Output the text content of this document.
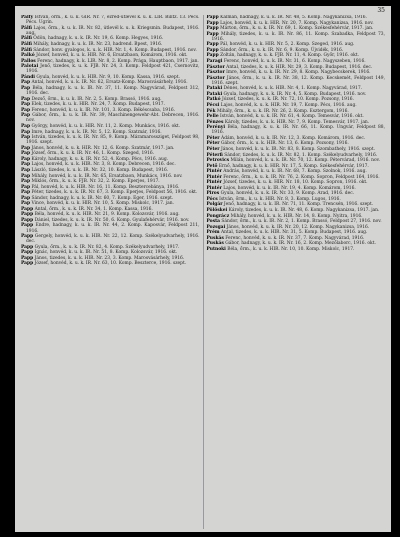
35

Pálfy István, őrm., k. u. k. GIR. Nr. 7, ezred-útlevél k. u. k. LIR. Bilitz. 13. Pécs. Pécs. Ugrin.

Pálfi Lajos, őrm., k. u. k. IR. Nr. 82, útlevél k. u. k. Kriegsmin. Budapest, 1916. aug.

Pálfi Ödön, hadnagy, k. u. k. IR. Nr. 19, 6. Komp. Hegyes, 1916.

Pálfi Mihály, hadnagy, k. u. k. IR. Nr. 23, hadrend. Bpest, 1916.

Pálfi Sándor, honv. gyalogos, k. u. k. HIR. Nr. 1, 4. Komp. Budapest, 1916. nov.

Palkó József, honvéd, k. u. k. HIR. Nr. 6, Ersatzbaon, Komárom, 1916. okt.

Pallos Ferenc, hadnagy, k. k. LIR. Nr. 8, 2. Komp. Prága, Hauptbaon, 1917. jan.

Palotai Jenő, tizedes, k. u. k. FJB. Nr. 24, 3. Komp. Feldpost 421, Csernovitz, 1916.

Pándi Gyula, honvéd, k. u. k. HIR. Nr. 9, 10. Komp. Kassa, 1916. szept.

Pap Antal, honvéd, k. u. k. IR. Nr. 62, Ersatz-Komp. Marosvásárhely, 1916.

Pap Béla, hadnagy, k. u. k. IR. Nr. 37, 11. Komp. Nagyvárad, Feldpost 312, 1916. dec.

Pap Dezső, őrm., k. u. k. IR. Nr. 2, 5. Komp. Brassó, 1916. aug.

Pap Elek, tizedes, k. u. k. HIR. Nr. 24, 7. Komp. Budapest, 1917.

Pap Ferenc, honvéd, k. u. k. IR. Nr. 101, 3. Komp. Békéscsaba, 1916.

Pap Gábor, őrm., k. u. k. IR. Nr. 39, Maschinengewehr-Abt. Debrecen, 1916. nov.

Pap György, honvéd, k. u. k. HIR. Nr. 11, 2. Komp. Munkács, 1916. okt.

Pap Imre, hadnagy, k. u. k. IR. Nr. 5, 12. Komp. Szatmár, 1916.

Pap István, tizedes, k. u. k. IR. Nr. 85, 9. Komp. Máramarossziget, Feldpost 98, 1916. szept.

Pap János, honvéd, k. u. k. HIR. Nr. 12, 6. Komp. Szatmár, 1917. jan.

Pap József, őrm., k. u. k. IR. Nr. 46, 1. Komp. Szeged, 1916.

Pap Károly, hadnagy, k. u. k. IR. Nr. 52, 4. Komp. Pécs, 1916. aug.

Pap Lajos, honvéd, k. u. k. HIR. Nr. 3, 8. Komp. Debrecen, 1916. dec.

Pap László, tizedes, k. u. k. IR. Nr. 32, 10. Komp. Budapest, 1916.

Pap Mihály, honvéd, k. u. k. IR. Nr. 65, Ersatzbaon, Munkács, 1916. nov.

Pap Miklós, őrm., k. u. k. FJB. Nr. 32, 2. Komp. Eperjes, 1917.

Pap Pál, honvéd, k. u. k. HIR. Nr. 16, 11. Komp. Besztercebánya, 1916.

Pap Péter, tizedes, k. u. k. IR. Nr. 67, 3. Komp. Eperjes, Feldpost 56, 1916. okt.

Pap Sándor, hadnagy, k. u. k. IR. Nr. 60, 7. Komp. Eger, 1916. szept.

Pap Vince, honvéd, k. u. k. HIR. Nr. 10, 5. Komp. Miskolc, 1917. jan.

Papp Antal, őrm., k. u. k. IR. Nr. 34, 1. Komp. Kassa, 1916.

Papp Béla, honvéd, k. u. k. HIR. Nr. 21, 9. Komp. Kolozsvár, 1916. aug.

Papp Dániel, tizedes, k. u. k. IR. Nr. 50, 6. Komp. Gyulafehérvár, 1916. nov.

Papp Endre, hadnagy, k. u. k. IR. Nr. 44, 2. Komp. Kaposvár, Feldpost 211, 1916.

Papp Gergely, honvéd, k. u. k. HIR. Nr. 22, 12. Komp. Székelyudvarhely, 1916. dec.

Papp Gyula, őrm., k. u. k. IR. Nr. 82, 4. Komp. Székelyudvarhely, 1917.

Papp Ignác, honvéd, k. u. k. IR. Nr. 51, 8. Komp. Kolozsvár, 1916. okt.

Papp János, tizedes, k. u. k. HIR. Nr. 23, 3. Komp. Marosvásárhely, 1916.

Papp József, honvéd, k. u. k. IR. Nr. 63, 10. Komp. Beszterce, 1916. szept.

Papp Kálmán, hadnagy, k. u. k. IR. Nr. 48, 5. Komp. Nagykanizsa, 1916.

Papp Lajos, honvéd, k. u. k. HIR. Nr. 20, 7. Komp. Nagykanizsa, 1916. nov.

Papp Márton, őrm., k. u. k. IR. Nr. 69, 1. Komp. Székesfehérvár, 1917. jan.

Papp Mihály, tizedes, k. u. k. IR. Nr. 86, 11. Komp. Szabadka, Feldpost 73, 1916.

Papp Pál, honvéd, k. u. k. HIR. Nr. 5, 2. Komp. Szeged, 1916. aug.

Papp Sándor, őrm., k. u. k. IR. Nr. 6, 9. Komp. Újvidék, 1916.

Papp Zoltán, hadnagy, k. u. k. FJB. Nr. 11, 4. Komp. Győr, 1916. okt.

Paragi Ferenc, honvéd, k. u. k. IR. Nr. 31, 6. Komp. Nagyszeben, 1916.

Pásztor Antal, tizedes, k. u. k. HIR. Nr. 29, 3. Komp. Budapest, 1916. dec.

Pásztor Imre, honvéd, k. u. k. IR. Nr. 29, 8. Komp. Nagybecskerek, 1916.

Pásztor János, őrm., k. u. k. IR. Nr. 38, 12. Komp. Kecskemét, Feldpost 149, 1916. szept.

Pataki Dénes, honvéd, k. u. k. HIR. Nr. 4, 1. Komp. Nagyvárad, 1917.

Pataki Gyula, hadnagy, k. u. k. IR. Nr. 4, 5. Komp. Budapest, 1916. nov.

Patkó József, tizedes, k. u. k. IR. Nr. 72, 10. Komp. Pozsony, 1916.

Pécsi Lajos, honvéd, k. u. k. HIR. Nr. 19, 7. Komp. Pécs, 1916. aug.

Pék Mihály, őrm., k. u. k. IR. Nr. 26, 2. Komp. Esztergom, 1916.

Pelle István, honvéd, k. u. k. IR. Nr. 61, 4. Komp. Temesvár, 1916. okt.

Pénzes Károly, tizedes, k. u. k. HIR. Nr. 7, 9. Komp. Temesvár, 1917. jan.

Perényi Béla, hadnagy, k. u. k. IR. Nr. 66, 11. Komp. Ungvár, Feldpost 88, 1916.

Péter Ádám, honvéd, k. u. k. IR. Nr. 12, 3. Komp. Komárom, 1916. dec.

Péter Gábor, őrm., k. u. k. HIR. Nr. 13, 6. Komp. Pozsony, 1916.

Péter János, honvéd, k. u. k. IR. Nr. 83, 8. Komp. Szombathely, 1916. szept.

Péterfi Sándor, tizedes, k. u. k. IR. Nr. 82, 1. Komp. Székelyudvarhely, 1916.

Petrovics Milán, honvéd, k. u. k. IR. Nr. 70, 12. Komp. Pétervárad, 1916. nov.

Pető Ernő, hadnagy, k. u. k. HIR. Nr. 17, 5. Komp. Székesfehérvár, 1917.

Pintér András, honvéd, k. u. k. IR. Nr. 68, 7. Komp. Szolnok, 1916. aug.

Pintér Ferenc, őrm., k. u. k. IR. Nr. 76, 2. Komp. Sopron, Feldpost 164, 1916.

Pintér József, tizedes, k. u. k. HIR. Nr. 18, 10. Komp. Sopron, 1916. okt.

Pintér Lajos, honvéd, k. u. k. IR. Nr. 19, 4. Komp. Komárom, 1916.

Piros Gyula, honvéd, k. u. k. IR. Nr. 33, 9. Komp. Arad, 1916. dec.

Pócs István, őrm., k. u. k. HIR. Nr. 8, 3. Komp. Lugos, 1916.

Polgár Jenő, hadnagy, k. u. k. IR. Nr. 71, 11. Komp. Trencsén, 1916. szept.

Pölöskei Károly, tizedes, k. u. k. IR. Nr. 48, 6. Komp. Nagykanizsa, 1917. jan.

Pongrácz Mihály, honvéd, k. u. k. HIR. Nr. 14, 8. Komp. Nyitra, 1916.

Posta Sándor, őrm., k. u. k. IR. Nr. 2, 1. Komp. Brassó, Feldpost 27, 1916. nov.

Pozsgai János, honvéd, k. u. k. IR. Nr. 20, 12. Komp. Nagykanizsa, 1916.

Prém Antal, tizedes, k. u. k. HIR. Nr. 31, 5. Komp. Budapest, 1916. aug.

Puskás Ferenc, honvéd, k. u. k. IR. Nr. 37, 7. Komp. Nagyvárad, 1916.

Puskás Gábor, hadnagy, k. u. k. IR. Nr. 16, 2. Komp. Mezőlaborc, 1916. okt.

Putnoki Béla, őrm., k. u. k. HIR. Nr. 10, 10. Komp. Miskolc, 1917.
